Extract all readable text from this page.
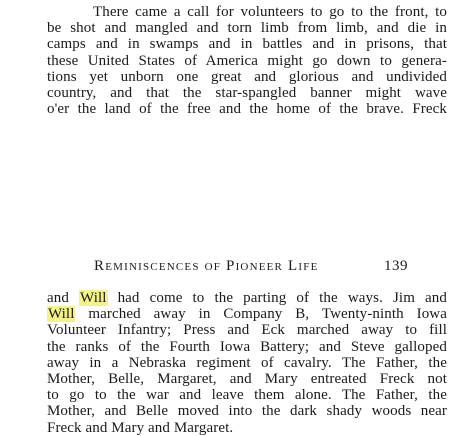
There came a call for volunteers to go to the front, to
be shot and mangled and torn limb from limb, and die in
camps and in swamps and in battles and in prisons, that
these United States of America might go down to genera-
tions yet unborn one great and glorious and undivided
country, and that the star-spangled banner might wave
o'er the land of the free and the home of the brave. Freck
Reminiscences of Pioneer Life	139
and Will had come to the parting of the ways. Jim and
Will marched away in Company B, Twenty-ninth Iowa
Volunteer Infantry; Press and Eck marched away to fill
the ranks of the Fourth Iowa Battery; and Steve galloped
away in a Nebraska regiment of cavalry. The Father, the
Mother, Belle, Margaret, and Mary entreated Freck not
to go to the war and leave them alone. The Father, the
Mother, and Belle moved into the dark shady woods near
Freck and Mary and Margaret.
